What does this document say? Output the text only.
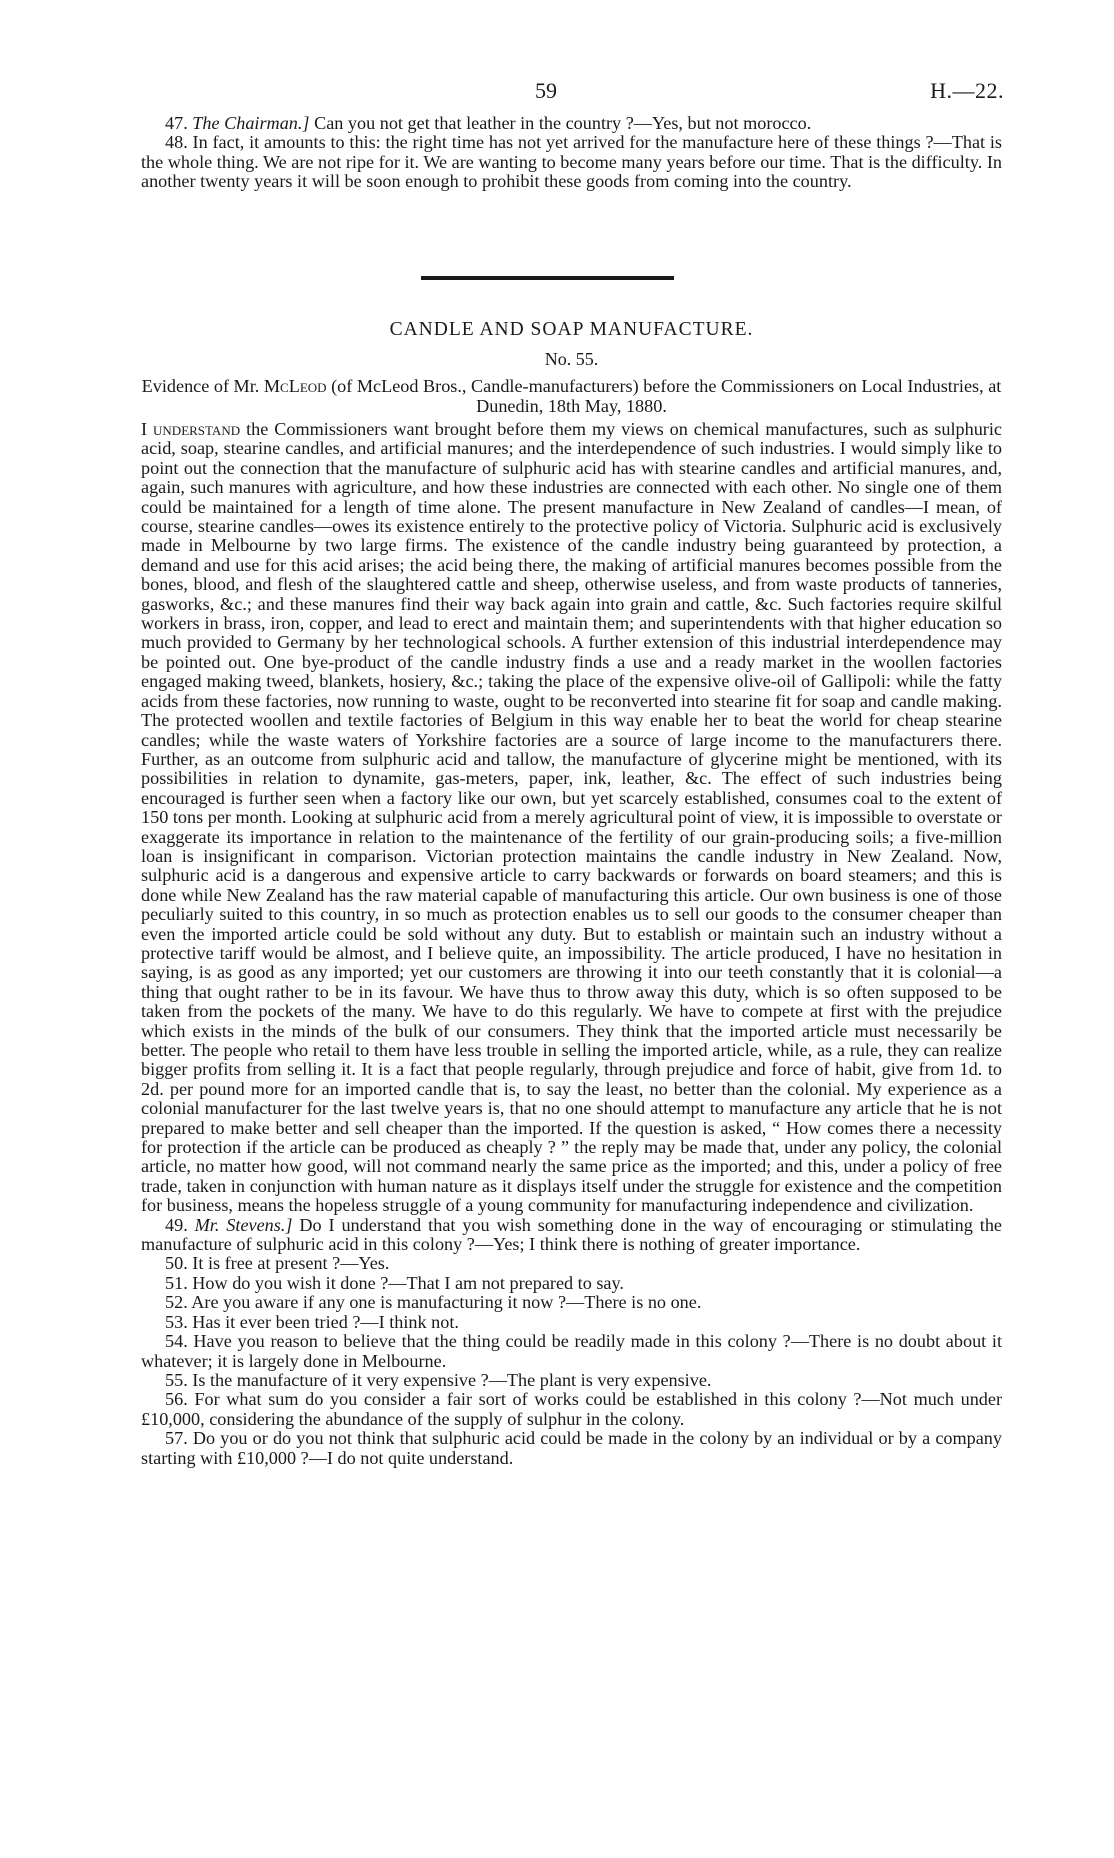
59	H.—22.

47. The Chairman.] Can you not get that leather in the country ?—Yes, but not morocco.

48. In fact, it amounts to this: the right time has not yet arrived for the manufacture here of these things ?—That is the whole thing. We are not ripe for it. We are wanting to become many years before our time. That is the difficulty. In another twenty years it will be soon enough to prohibit these goods from coming into the country.

CANDLE AND SOAP MANUFACTURE.
No. 55.
Evidence of Mr. McLeod (of McLeod Bros., Candle-manufacturers) before the Commissioners on Local Industries, at Dunedin, 18th May, 1880.

I understand the Commissioners want brought before them my views on chemical manufactures, such as sulphuric acid, soap, stearine candles, and artificial manures; and the interdependence of such industries. I would simply like to point out the connection that the manufacture of sulphuric acid has with stearine candles and artificial manures, and, again, such manures with agriculture, and how these industries are connected with each other. No single one of them could be maintained for a length of time alone. The present manufacture in New Zealand of candles—I mean, of course, stearine candles—owes its existence entirely to the protective policy of Victoria. Sulphuric acid is exclusively made in Melbourne by two large firms. The existence of the candle industry being guaranteed by protection, a demand and use for this acid arises; the acid being there, the making of artificial manures becomes possible from the bones, blood, and flesh of the slaughtered cattle and sheep, otherwise useless, and from waste products of tanneries, gasworks, &c.; and these manures find their way back again into grain and cattle, &c. Such factories require skilful workers in brass, iron, copper, and lead to erect and maintain them; and superintendents with that higher education so much provided to Germany by her technological schools. A further extension of this industrial interdependence may be pointed out. One bye-product of the candle industry finds a use and a ready market in the woollen factories engaged making tweed, blankets, hosiery, &c.; taking the place of the expensive olive-oil of Gallipoli: while the fatty acids from these factories, now running to waste, ought to be reconverted into stearine fit for soap and candle making. The protected woollen and textile factories of Belgium in this way enable her to beat the world for cheap stearine candles; while the waste waters of Yorkshire factories are a source of large income to the manufacturers there. Further, as an outcome from sulphuric acid and tallow, the manufacture of glycerine might be mentioned, with its possibilities in relation to dynamite, gas-meters, paper, ink, leather, &c. The effect of such industries being encouraged is further seen when a factory like our own, but yet scarcely established, consumes coal to the extent of 150 tons per month. Looking at sulphuric acid from a merely agricultural point of view, it is impossible to overstate or exaggerate its importance in relation to the maintenance of the fertility of our grain-producing soils; a five-million loan is insignificant in comparison. Victorian protection maintains the candle industry in New Zealand. Now, sulphuric acid is a dangerous and expensive article to carry backwards or forwards on board steamers; and this is done while New Zealand has the raw material capable of manufacturing this article. Our own business is one of those peculiarly suited to this country, in so much as protection enables us to sell our goods to the consumer cheaper than even the imported article could be sold without any duty. But to establish or maintain such an industry without a protective tariff would be almost, and I believe quite, an impossibility. The article produced, I have no hesitation in saying, is as good as any imported; yet our customers are throwing it into our teeth constantly that it is colonial—a thing that ought rather to be in its favour. We have thus to throw away this duty, which is so often supposed to be taken from the pockets of the many. We have to do this regularly. We have to compete at first with the prejudice which exists in the minds of the bulk of our consumers. They think that the imported article must necessarily be better. The people who retail to them have less trouble in selling the imported article, while, as a rule, they can realize bigger profits from selling it. It is a fact that people regularly, through prejudice and force of habit, give from 1d. to 2d. per pound more for an imported candle that is, to say the least, no better than the colonial. My experience as a colonial manufacturer for the last twelve years is, that no one should attempt to manufacture any article that he is not prepared to make better and sell cheaper than the imported. If the question is asked, “ How comes there a necessity for protection if the article can be produced as cheaply ? ” the reply may be made that, under any policy, the colonial article, no matter how good, will not command nearly the same price as the imported; and this, under a policy of free trade, taken in conjunction with human nature as it displays itself under the struggle for existence and the competition for business, means the hopeless struggle of a young community for manufacturing independence and civilization.

49. Mr. Stevens.] Do I understand that you wish something done in the way of encouraging or stimulating the manufacture of sulphuric acid in this colony ?—Yes; I think there is nothing of greater importance.

50. It is free at present ?—Yes.

51. How do you wish it done ?—That I am not prepared to say.

52. Are you aware if any one is manufacturing it now ?—There is no one.

53. Has it ever been tried ?—I think not.

54. Have you reason to believe that the thing could be readily made in this colony ?—There is no doubt about it whatever; it is largely done in Melbourne.

55. Is the manufacture of it very expensive ?—The plant is very expensive.

56. For what sum do you consider a fair sort of works could be established in this colony ?—Not much under £10,000, considering the abundance of the supply of sulphur in the colony.

57. Do you or do you not think that sulphuric acid could be made in the colony by an individual or by a company starting with £10,000 ?—I do not quite understand.
